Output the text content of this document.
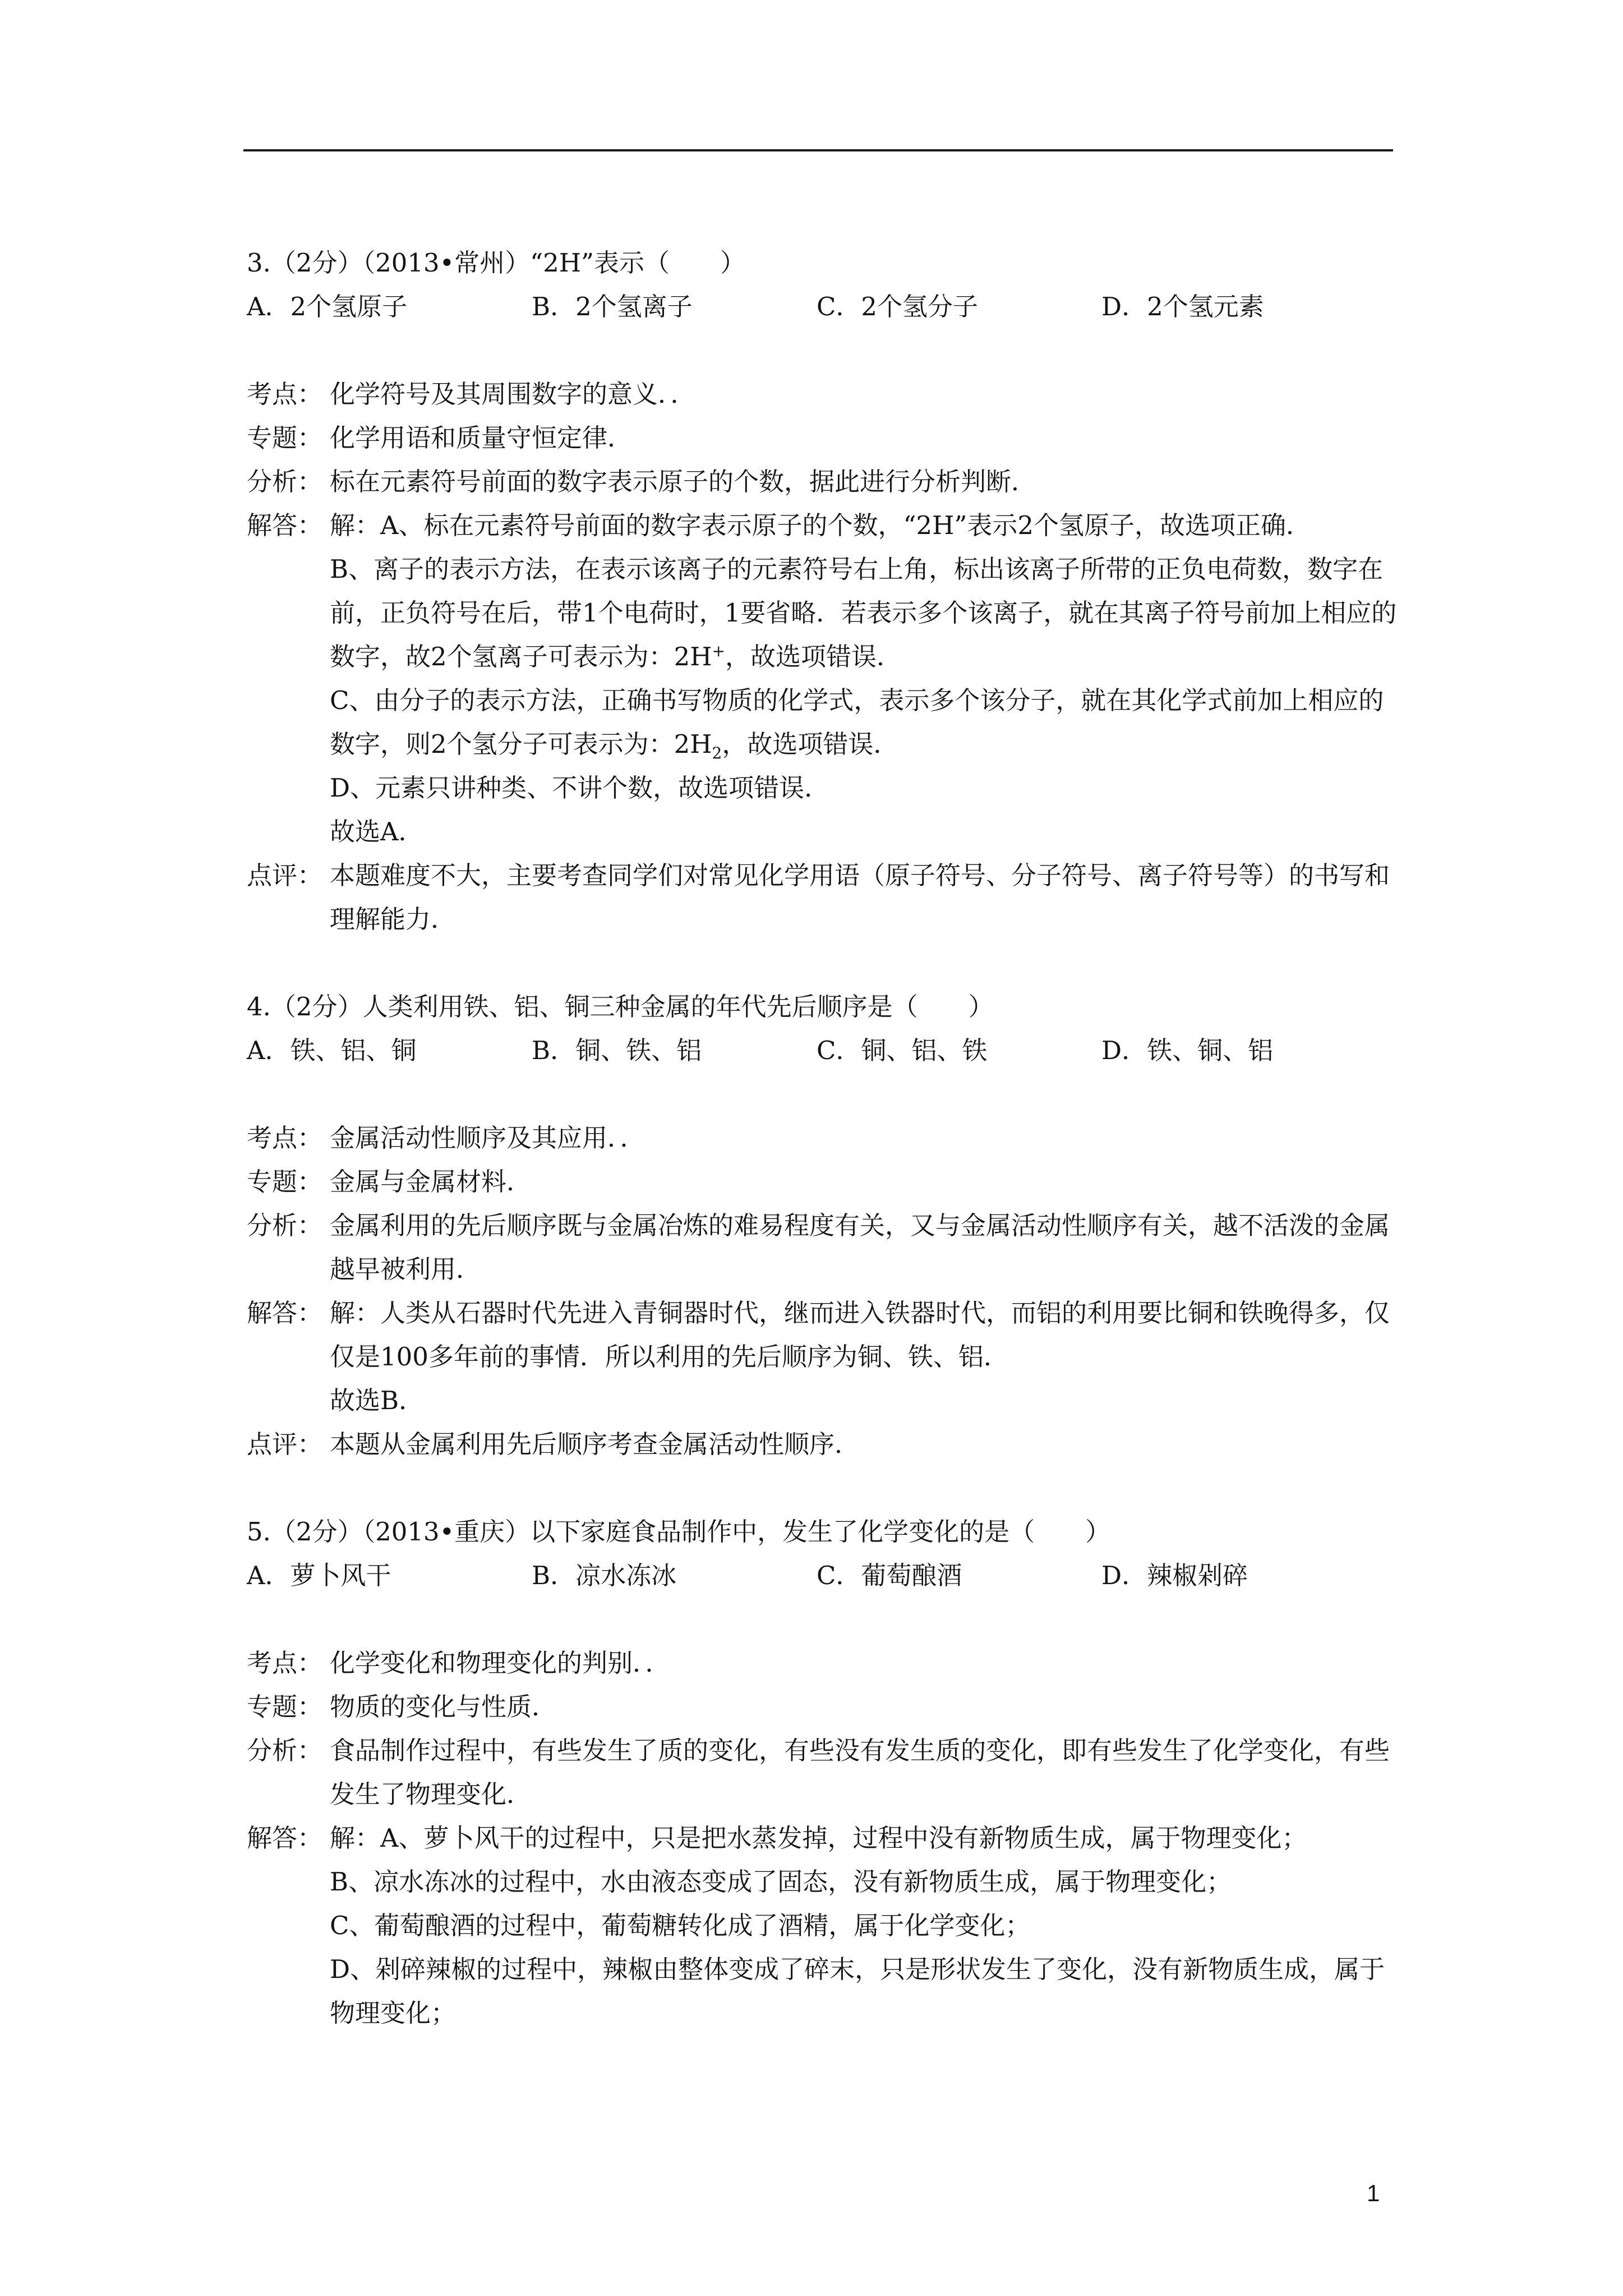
3.（2分）（2013•常州）“2H”表示（　　）

A．2个氢原子	B．2个氢离子	C．2个氢分子	D．2个氢元素
考点： 化学符号及其周围数字的意义．．

专题： 化学用语和质量守恒定律．

分析： 标在元素符号前面的数字表示原子的个数，据此进行分析判断．

解答： 解：A、标在元素符号前面的数字表示原子的个数，“2H”表示2个氢原子，故选项正确．

B、离子的表示方法，在表示该离子的元素符号右上角，标出该离子所带的正负电荷数，数字在前，正负符号在后，带1个电荷时，1要省略．若表示多个该离子，就在其离子符号前加上相应的数字，故2个氢离子可表示为：2H+，故选项错误．

C、由分子的表示方法，正确书写物质的化学式，表示多个该分子，就在其化学式前加上相应的数字，则2个氢分子可表示为：$2H_2$，故选项错误．

D、元素只讲种类、不讲个数，故选项错误．

故选A．

点评： 本题难度不大，主要考查同学们对常见化学用语（原子符号、分子符号、离子符号等）的书写和理解能力．

4.（2分）人类利用铁、铝、铜三种金属的年代先后顺序是（　　）

A．铁、铝、铜	B．铜、铁、铝	C．铜、铝、铁	D．铁、铜、铝
考点： 金属活动性顺序及其应用．．

专题： 金属与金属材料．

分析： 金属利用的先后顺序既与金属冶炼的难易程度有关，又与金属活动性顺序有关，越不活泼的金属越早被利用．

解答： 解：人类从石器时代先进入青铜器时代，继而进入铁器时代，而铝的利用要比铜和铁晚得多，仅仅是100多年前的事情．所以利用的先后顺序为铜、铁、铝．

故选B．

点评： 本题从金属利用先后顺序考查金属活动性顺序．

5.（2分）（2013•重庆）以下家庭食品制作中，发生了化学变化的是（　　）

A．萝卜风干	B．凉水冻冰	C．葡萄酿酒	D．辣椒剁碎
考点： 化学变化和物理变化的判别．．

专题： 物质的变化与性质．

分析： 食品制作过程中，有些发生了质的变化，有些没有发生质的变化，即有些发生了化学变化，有些发生了物理变化．

解答： 解：A、萝卜风干的过程中，只是把水蒸发掉，过程中没有新物质生成，属于物理变化；

B、凉水冻冰的过程中，水由液态变成了固态，没有新物质生成，属于物理变化；

C、葡萄酿酒的过程中，葡萄糖转化成了酒精，属于化学变化；

D、剁碎辣椒的过程中，辣椒由整体变成了碎末，只是形状发生了变化，没有新物质生成，属于物理变化；

1
